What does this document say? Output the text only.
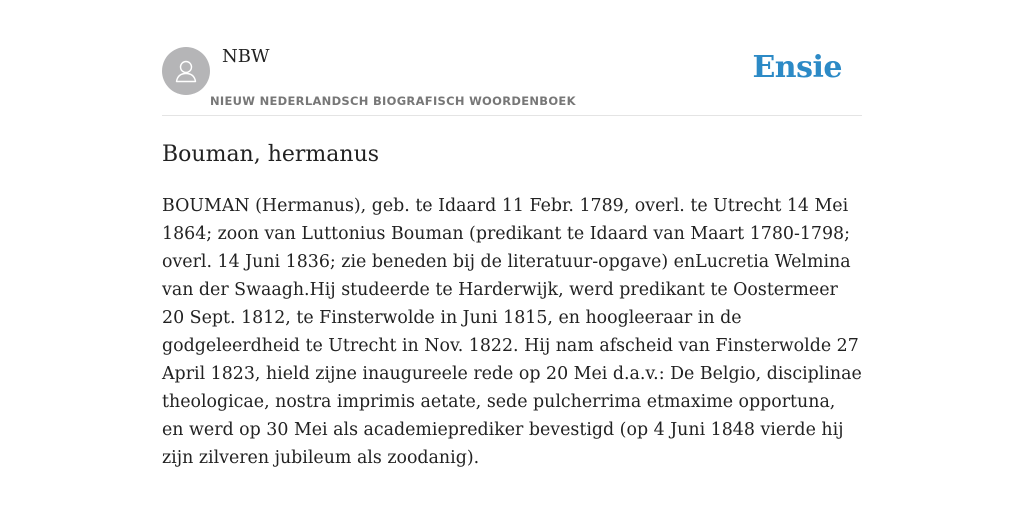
NBW
NIEUW NEDERLANDSCH BIOGRAFISCH WOORDENBOEK
Ensie
Bouman, hermanus

BOUMAN (Hermanus), geb. te Idaard 11 Febr. 1789, overl. te Utrecht 14 Mei 1864; zoon van Luttonius Bouman (predikant te Idaard van Maart 1780-1798; overl. 14 Juni 1836; zie beneden bij de literatuur-opgave) enLucretia Welmina van der Swaagh.Hij studeerde te Harderwijk, werd predikant te Oostermeer 20 Sept. 1812, te Finsterwolde in Juni 1815, en hoogleeraar in de godgeleerdheid te Utrecht in Nov. 1822. Hij nam afscheid van Finsterwolde 27 April 1823, hield zijne inaugureele rede op 20 Mei d.a.v.: De Belgio, disciplinae theologicae, nostra imprimis aetate, sede pulcherrima etmaxime opportuna, en werd op 30 Mei als academieprediker bevestigd (op 4 Juni 1848 vierde hij zijn zilveren jubileum als zoodanig).
